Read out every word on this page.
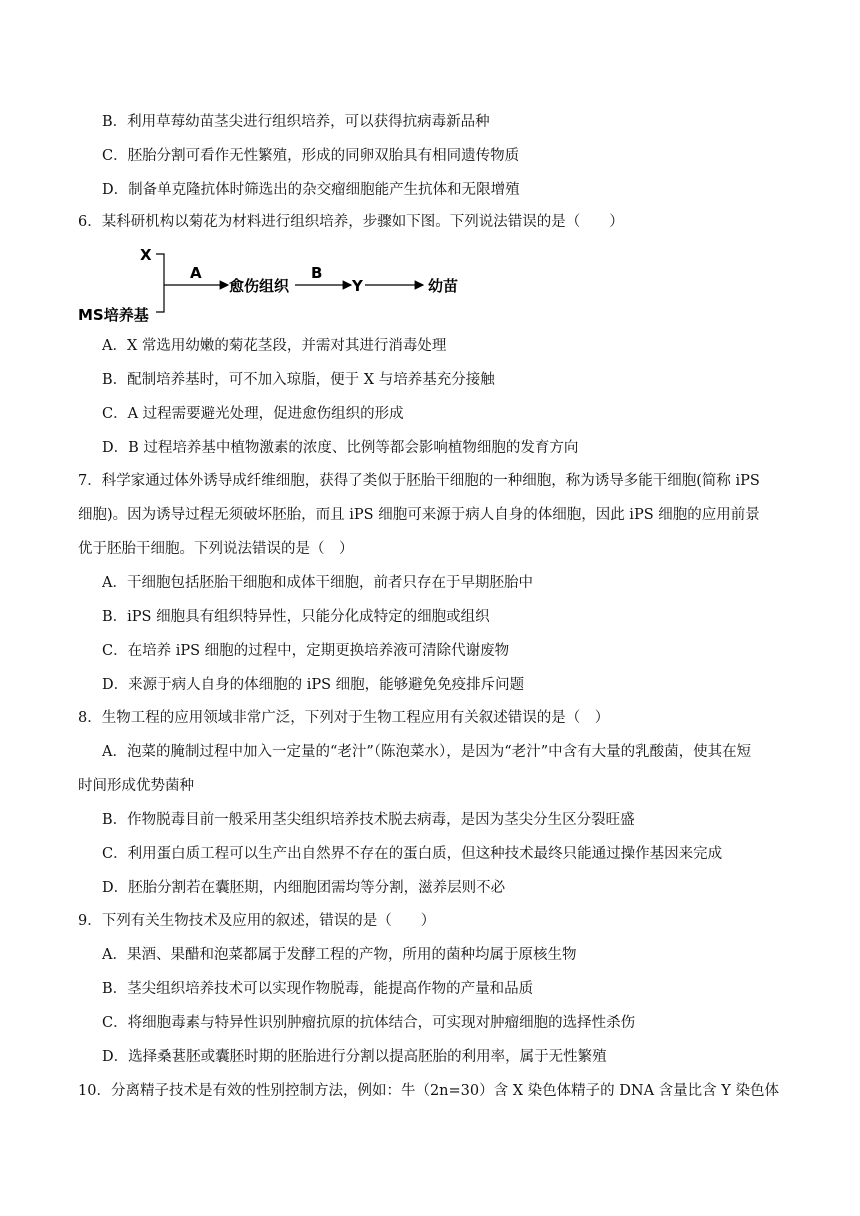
B．利用草莓幼苗茎尖进行组织培养，可以获得抗病毒新品种
C．胚胎分割可看作无性繁殖，形成的同卵双胎具有相同遗传物质
D．制备单克隆抗体时筛选出的杂交瘤细胞能产生抗体和无限增殖
6．某科研机构以菊花为材料进行组织培养，步骤如下图。下列说法错误的是（　　）
X
MS培养基
A
愈伤组织
B
Y	幼苗
A．X 常选用幼嫩的菊花茎段，并需对其进行消毒处理
B．配制培养基时，可不加入琼脂，便于 X 与培养基充分接触
C．A 过程需要避光处理，促进愈伤组织的形成
D．B 过程培养基中植物激素的浓度、比例等都会影响植物细胞的发育方向
7．科学家通过体外诱导成纤维细胞，获得了类似于胚胎干细胞的一种细胞，称为诱导多能干细胞(简称 iPS
细胞)。因为诱导过程无须破坏胚胎，而且 iPS 细胞可来源于病人自身的体细胞，因此 iPS 细胞的应用前景
优于胚胎干细胞。下列说法错误的是（　）
A．干细胞包括胚胎干细胞和成体干细胞，前者只存在于早期胚胎中
B．iPS 细胞具有组织特异性，只能分化成特定的细胞或组织
C．在培养 iPS 细胞的过程中，定期更换培养液可清除代谢废物
D．来源于病人自身的体细胞的 iPS 细胞，能够避免免疫排斥问题
8．生物工程的应用领域非常广泛，下列对于生物工程应用有关叙述错误的是（　）
A．泡菜的腌制过程中加入一定量的“老汁”（陈泡菜水），是因为“老汁”中含有大量的乳酸菌，使其在短
时间形成优势菌种
B．作物脱毒目前一般采用茎尖组织培养技术脱去病毒，是因为茎尖分生区分裂旺盛
C．利用蛋白质工程可以生产出自然界不存在的蛋白质，但这种技术最终只能通过操作基因来完成
D．胚胎分割若在囊胚期，内细胞团需均等分割，滋养层则不必
9．下列有关生物技术及应用的叙述，错误的是（　　）
A．果酒、果醋和泡菜都属于发酵工程的产物，所用的菌种均属于原核生物
B．茎尖组织培养技术可以实现作物脱毒，能提高作物的产量和品质
C．将细胞毒素与特异性识别肿瘤抗原的抗体结合，可实现对肿瘤细胞的选择性杀伤
D．选择桑葚胚或囊胚时期的胚胎进行分割以提高胚胎的利用率，属于无性繁殖
10．分离精子技术是有效的性别控制方法，例如：牛（2n=30）含 X 染色体精子的 DNA 含量比含 Y 染色体
